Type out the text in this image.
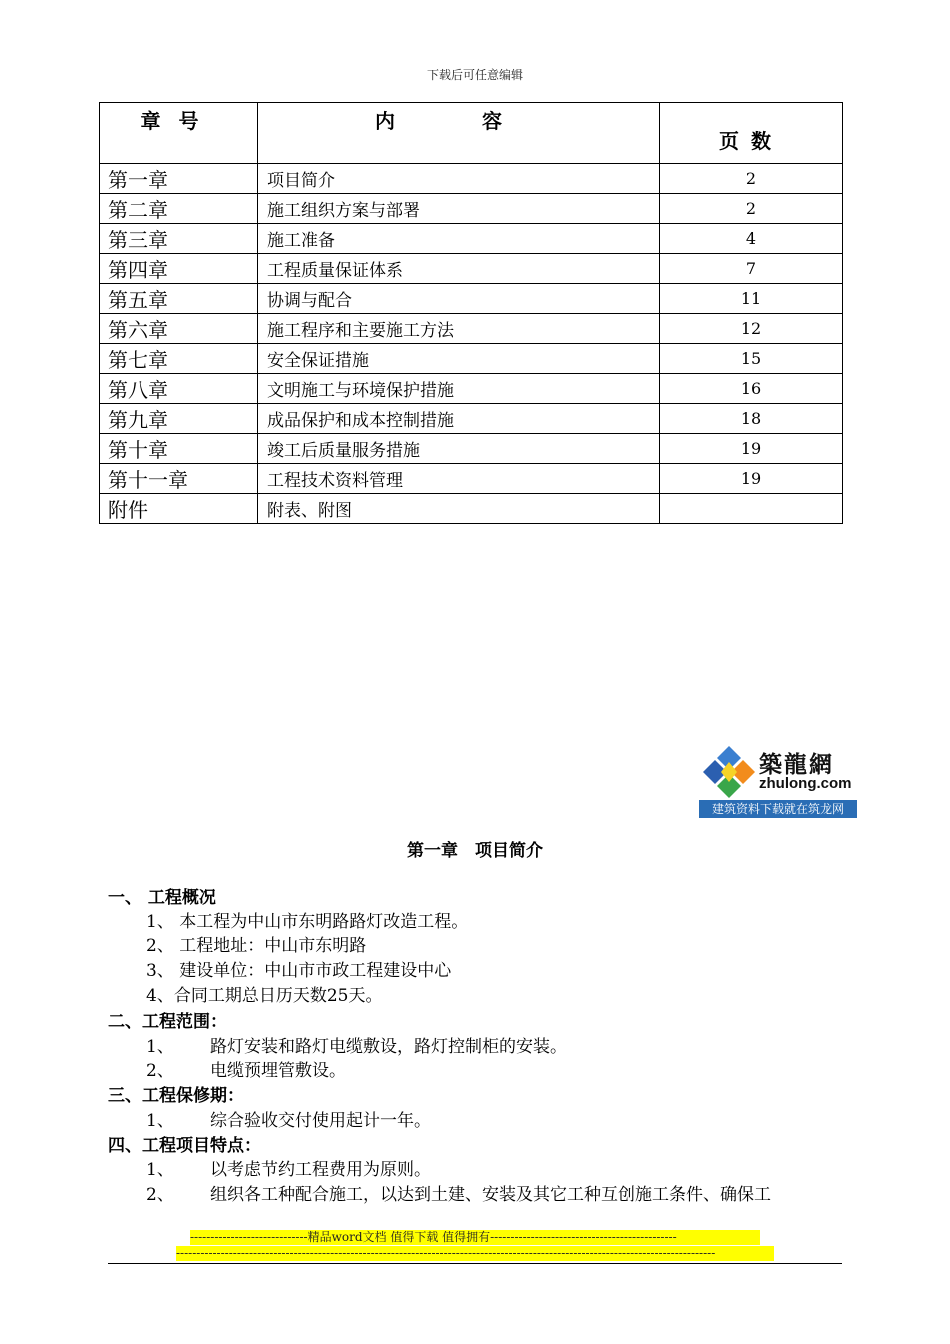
下载后可任意编辑
章号	内 容	页数
第一章	项目简介	2
第二章	施工组织方案与部署	2
第三章	施工准备	4
第四章	工程质量保证体系	7
第五章	协调与配合	11
第六章	施工程序和主要施工方法	12
第七章	安全保证措施	15
第八章	文明施工与环境保护措施	16
第九章	成品保护和成本控制措施	18
第十章	竣工后质量服务措施	19
第十一章	工程技术资料管理	19
附件	附表、附图	
築龍網
zhulong.com
建筑资料下载就在筑龙网
第一章　项目简介
一、 工程概况
1、 本工程为中山市东明路路灯改造工程。
2、 工程地址：中山市东明路
3、 建设单位：中山市市政工程建设中心
4、合同工期总日历天数25天。
二、工程范围：
1、 路灯安装和路灯电缆敷设，路灯控制柜的安装。
2、 电缆预埋管敷设。
三、工程保修期：
1、 综合验收交付使用起计一年。
四、工程项目特点：
1、 以考虑节约工程费用为原则。
2、 组织各工种配合施工，以达到土建、安装及其它工种互创施工条件、确保工
-----------------------------精品word文档 值得下载 值得拥有----------------------------------------------
-------------------------------------------------------------------------------------------------------------------------------------
